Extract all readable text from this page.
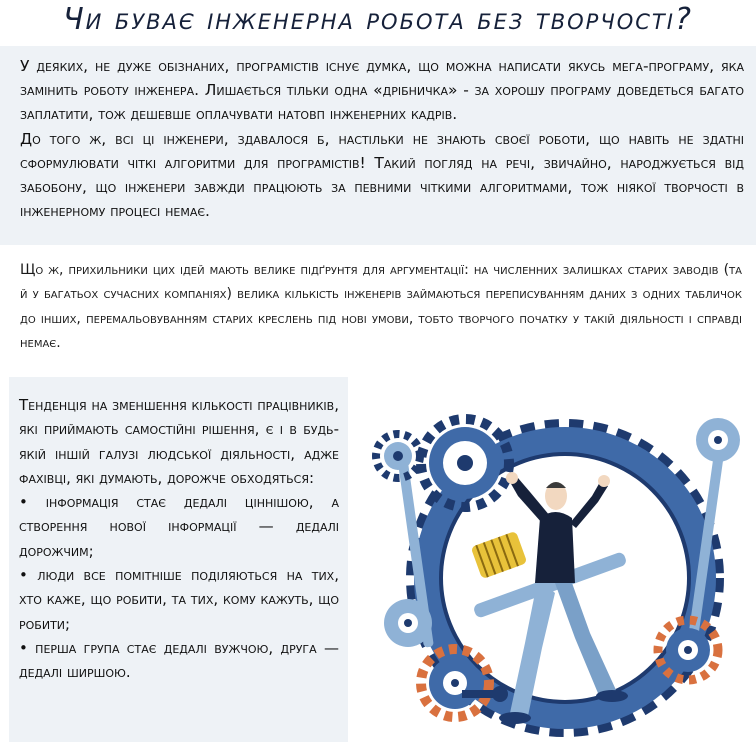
Чи буває інженерна робота без творчості?

У деяких, не дуже обізнаних, програмістів існує думка, що можна написати якусь мега-програму, яка замінить роботу інженера. Лишається тільки одна «дрібничка» - за хорошу програму доведеться багато заплатити, тож дешевше оплачувати натовп інженерних кадрів.

До того ж, всі ці інженери, здавалося б, настільки не знають своєї роботи, що навіть не здатні сформулювати чіткі алгоритми для програмістів! Такий погляд на речі, звичайно, народжується від забобону, що інженери завжди працюють за певними чіткими алгоритмами, тож ніякої творчості в інженерному процесі немає.

Що ж, прихильники цих ідей мають велике підґрунтя для аргументації: на численних залишках старих заводів (та й у багатьох сучасних компаніях) велика кількість інженерів займаються переписуванням даних з одних табличок до інших, перемальовуванням старих креслень під нові умови, тобто творчого початку у такій діяльності і справді немає.

Тенденція на зменшення кількості працівників, які приймають самостійні рішення, є і в будь-якій іншій галузі людської діяльності, адже фахівці, які думають, дорожче обходяться:

• інформація стає дедалі ціннішою, а створення нової інформації — дедалі дорожчим;

• люди все помітніше поділяються на тих, хто каже, що робити, та тих, кому кажуть, що робити;

• перша група стає дедалі вужчою, друга — дедалі ширшою.
